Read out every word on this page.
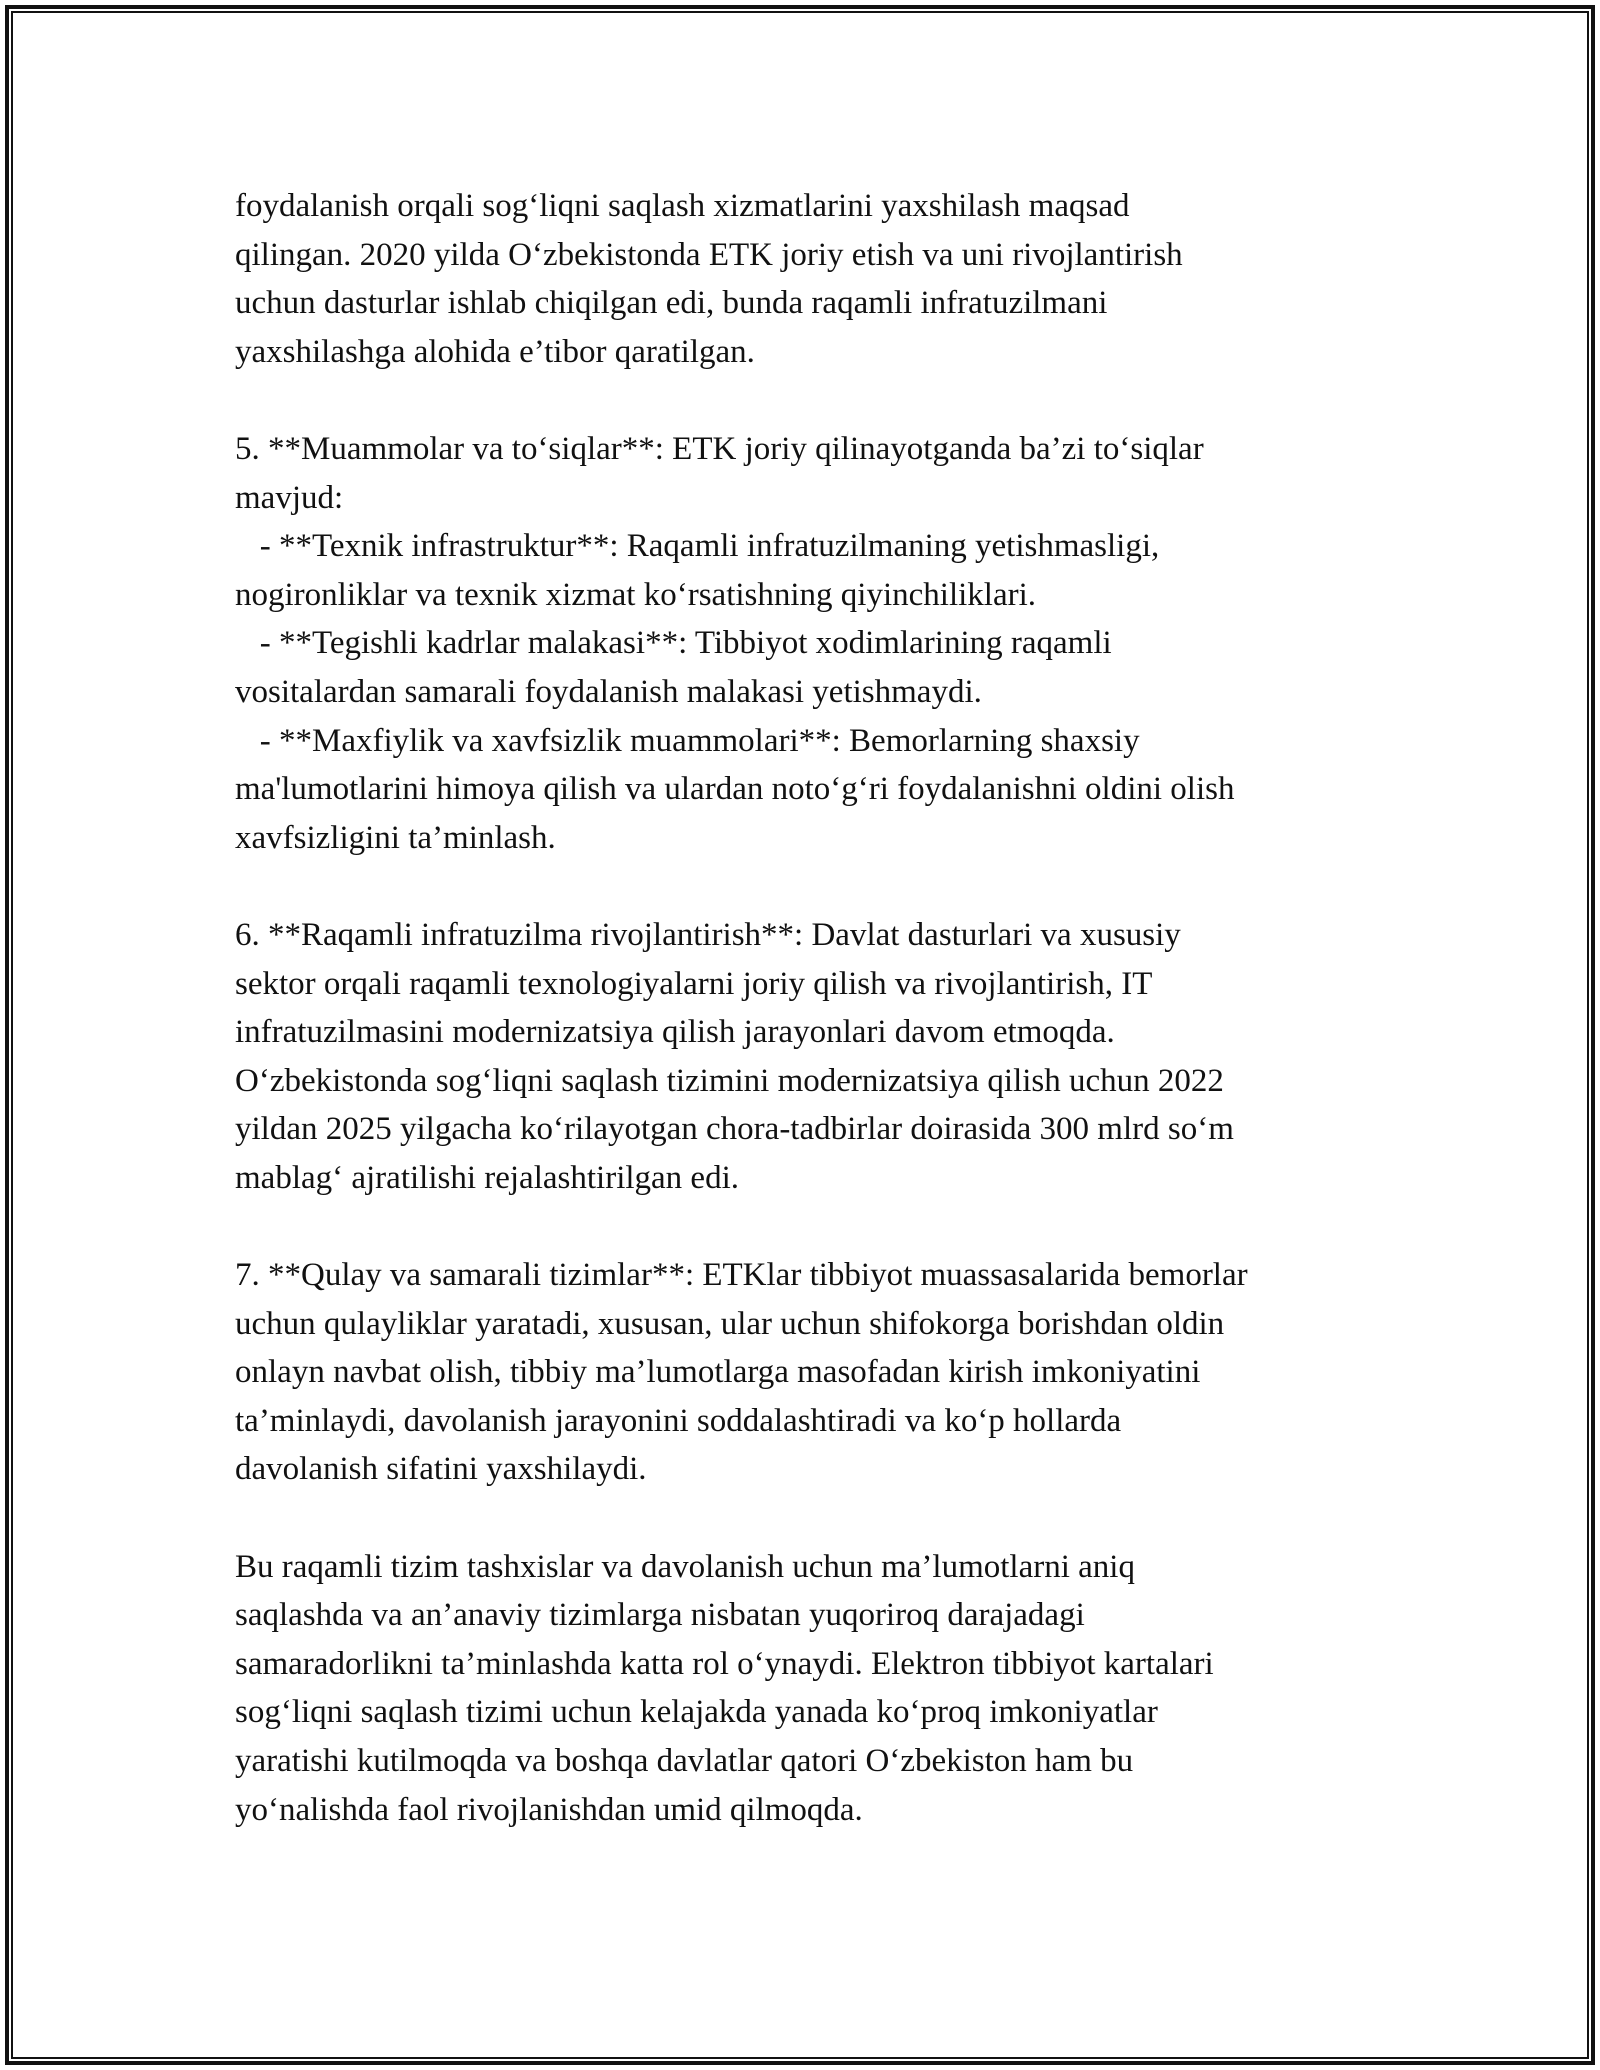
foydalanish orqali sog‘liqni saqlash xizmatlarini yaxshilash maqsad
qilingan. 2020 yilda O‘zbekistonda ETK joriy etish va uni rivojlantirish
uchun dasturlar ishlab chiqilgan edi, bunda raqamli infratuzilmani
yaxshilashga alohida e’tibor qaratilgan.
5. **Muammolar va to‘siqlar**: ETK joriy qilinayotganda ba’zi to‘siqlar
mavjud:
- **Texnik infrastruktur**: Raqamli infratuzilmaning yetishmasligi,
nogironliklar va texnik xizmat ko‘rsatishning qiyinchiliklari.
- **Tegishli kadrlar malakasi**: Tibbiyot xodimlarining raqamli
vositalardan samarali foydalanish malakasi yetishmaydi.
- **Maxfiylik va xavfsizlik muammolari**: Bemorlarning shaxsiy
ma'lumotlarini himoya qilish va ulardan noto‘g‘ri foydalanishni oldini olish
xavfsizligini ta’minlash.
6. **Raqamli infratuzilma rivojlantirish**: Davlat dasturlari va xususiy
sektor orqali raqamli texnologiyalarni joriy qilish va rivojlantirish, IT
infratuzilmasini modernizatsiya qilish jarayonlari davom etmoqda.
O‘zbekistonda sog‘liqni saqlash tizimini modernizatsiya qilish uchun 2022
yildan 2025 yilgacha ko‘rilayotgan chora-tadbirlar doirasida 300 mlrd so‘m
mablag‘ ajratilishi rejalashtirilgan edi.
7. **Qulay va samarali tizimlar**: ETKlar tibbiyot muassasalarida bemorlar
uchun qulayliklar yaratadi, xususan, ular uchun shifokorga borishdan oldin
onlayn navbat olish, tibbiy ma’lumotlarga masofadan kirish imkoniyatini
ta’minlaydi, davolanish jarayonini soddalashtiradi va ko‘p hollarda
davolanish sifatini yaxshilaydi.
Bu raqamli tizim tashxislar va davolanish uchun ma’lumotlarni aniq
saqlashda va an’anaviy tizimlarga nisbatan yuqoriroq darajadagi
samaradorlikni ta’minlashda katta rol o‘ynaydi. Elektron tibbiyot kartalari
sog‘liqni saqlash tizimi uchun kelajakda yanada ko‘proq imkoniyatlar
yaratishi kutilmoqda va boshqa davlatlar qatori O‘zbekiston ham bu
yo‘nalishda faol rivojlanishdan umid qilmoqda.
